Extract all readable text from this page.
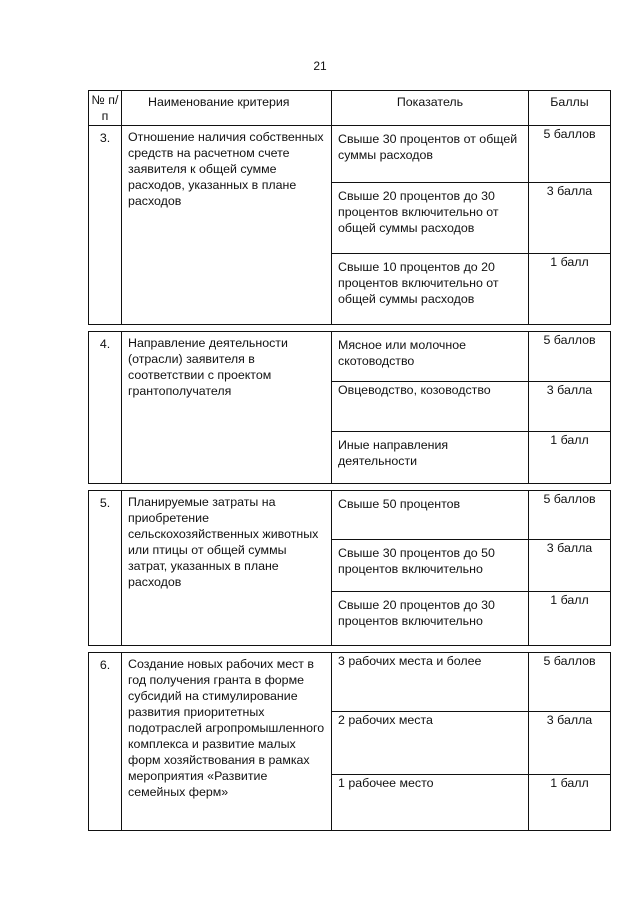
21
№ п/п	Наименование критерия	Показатель	Баллы

3.	Отношение наличия собственных средств на расчетном счете заявителя к общей сумме расходов, указанных в плане расходов	Свыше 30 процентов от общей суммы расходов	5 баллов

		Свыше 20 процентов до 30 процентов включительно от общей суммы расходов	3 балла

		Свыше 10 процентов до 20 процентов включительно от общей суммы расходов	1 балл

4.	Направление деятельности (отрасли) заявителя в соответствии с проектом грантополучателя	Мясное или молочное скотоводство	5 баллов

		Овцеводство, козоводство	3 балла

		Иные направления деятельности	1 балл

5.	Планируемые затраты на приобретение сельскохозяйственных животных или птицы от общей суммы затрат, указанных в плане расходов	Свыше 50 процентов	5 баллов

		Свыше 30 процентов до 50 процентов включительно	3 балла

		Свыше 20 процентов до 30 процентов включительно	1 балл

6.	Создание новых рабочих мест в год получения гранта в форме субсидий на стимулирование развития приоритетных подотраслей агропромышленного комплекса и развитие малых форм хозяйствования в рамках мероприятия «Развитие семейных ферм»	3 рабочих места и более	5 баллов

		2 рабочих места	3 балла

		1 рабочее место	1 балл
